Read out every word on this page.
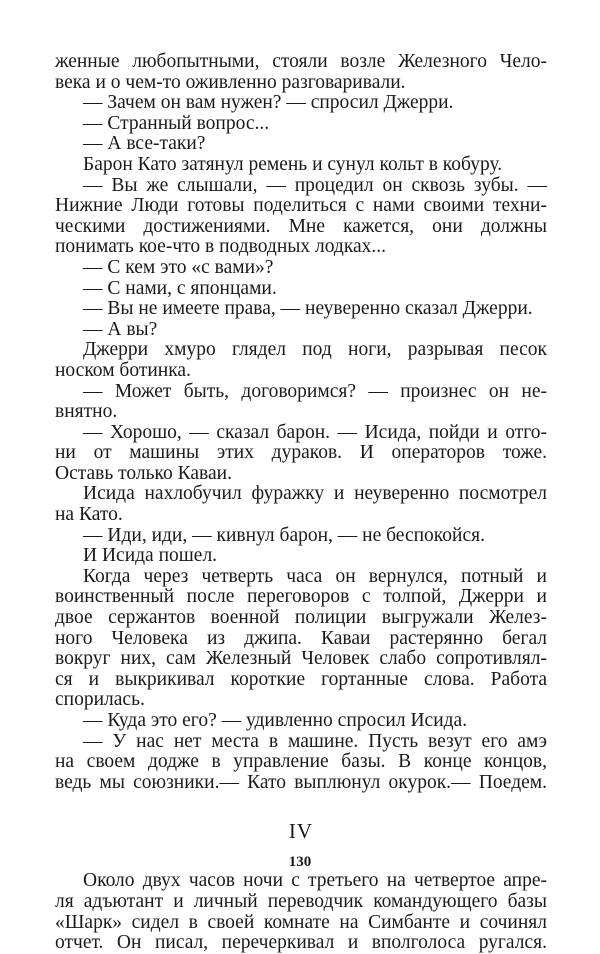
женные любопытными, стояли возле Железного Чело-
века и о чем-то оживленно разговаривали.
— Зачем он вам нужен? — спросил Джерри.
— Странный вопрос...
— А все-таки?
Барон Като затянул ремень и сунул кольт в кобуру.
— Вы же слышали, — процедил он сквозь зубы. —
Нижние Люди готовы поделиться с нами своими техни-
ческими достижениями. Мне кажется, они должны
понимать кое-что в подводных лодках...
— С кем это «с вами»?
— С нами, с японцами.
— Вы не имеете права, — неуверенно сказал Джерри.
— А вы?
Джерри хмуро глядел под ноги, разрывая песок
носком ботинка.
— Может быть, договоримся? — произнес он не-
внятно.
— Хорошо, — сказал барон. — Исида, пойди и отго-
ни от машины этих дураков. И операторов тоже.
Оставь только Каваи.
Исида нахлобучил фуражку и неуверенно посмотрел
на Като.
— Иди, иди, — кивнул барон, — не беспокойся.
И Исида пошел.
Когда через четверть часа он вернулся, потный и
воинственный после переговоров с толпой, Джерри и
двое сержантов военной полиции выгружали Желез-
ного Человека из джипа. Каваи растерянно бегал
вокруг них, сам Железный Человек слабо сопротивлял-
ся и выкрикивал короткие гортанные слова. Работа
спорилась.
— Куда это его? — удивленно спросил Исида.
— У нас нет места в машине. Пусть везут его амэ
на своем додже в управление базы. В конце концов,
ведь мы союзники.— Като выплюнул окурок.— Поедем.
IV
Около двух часов ночи с третьего на четвертое апре-
ля адъютант и личный переводчик командующего базы
«Шарк» сидел в своей комнате на Симбанте и сочинял
отчет. Он писал, перечеркивал и вполголоса ругался.
130
